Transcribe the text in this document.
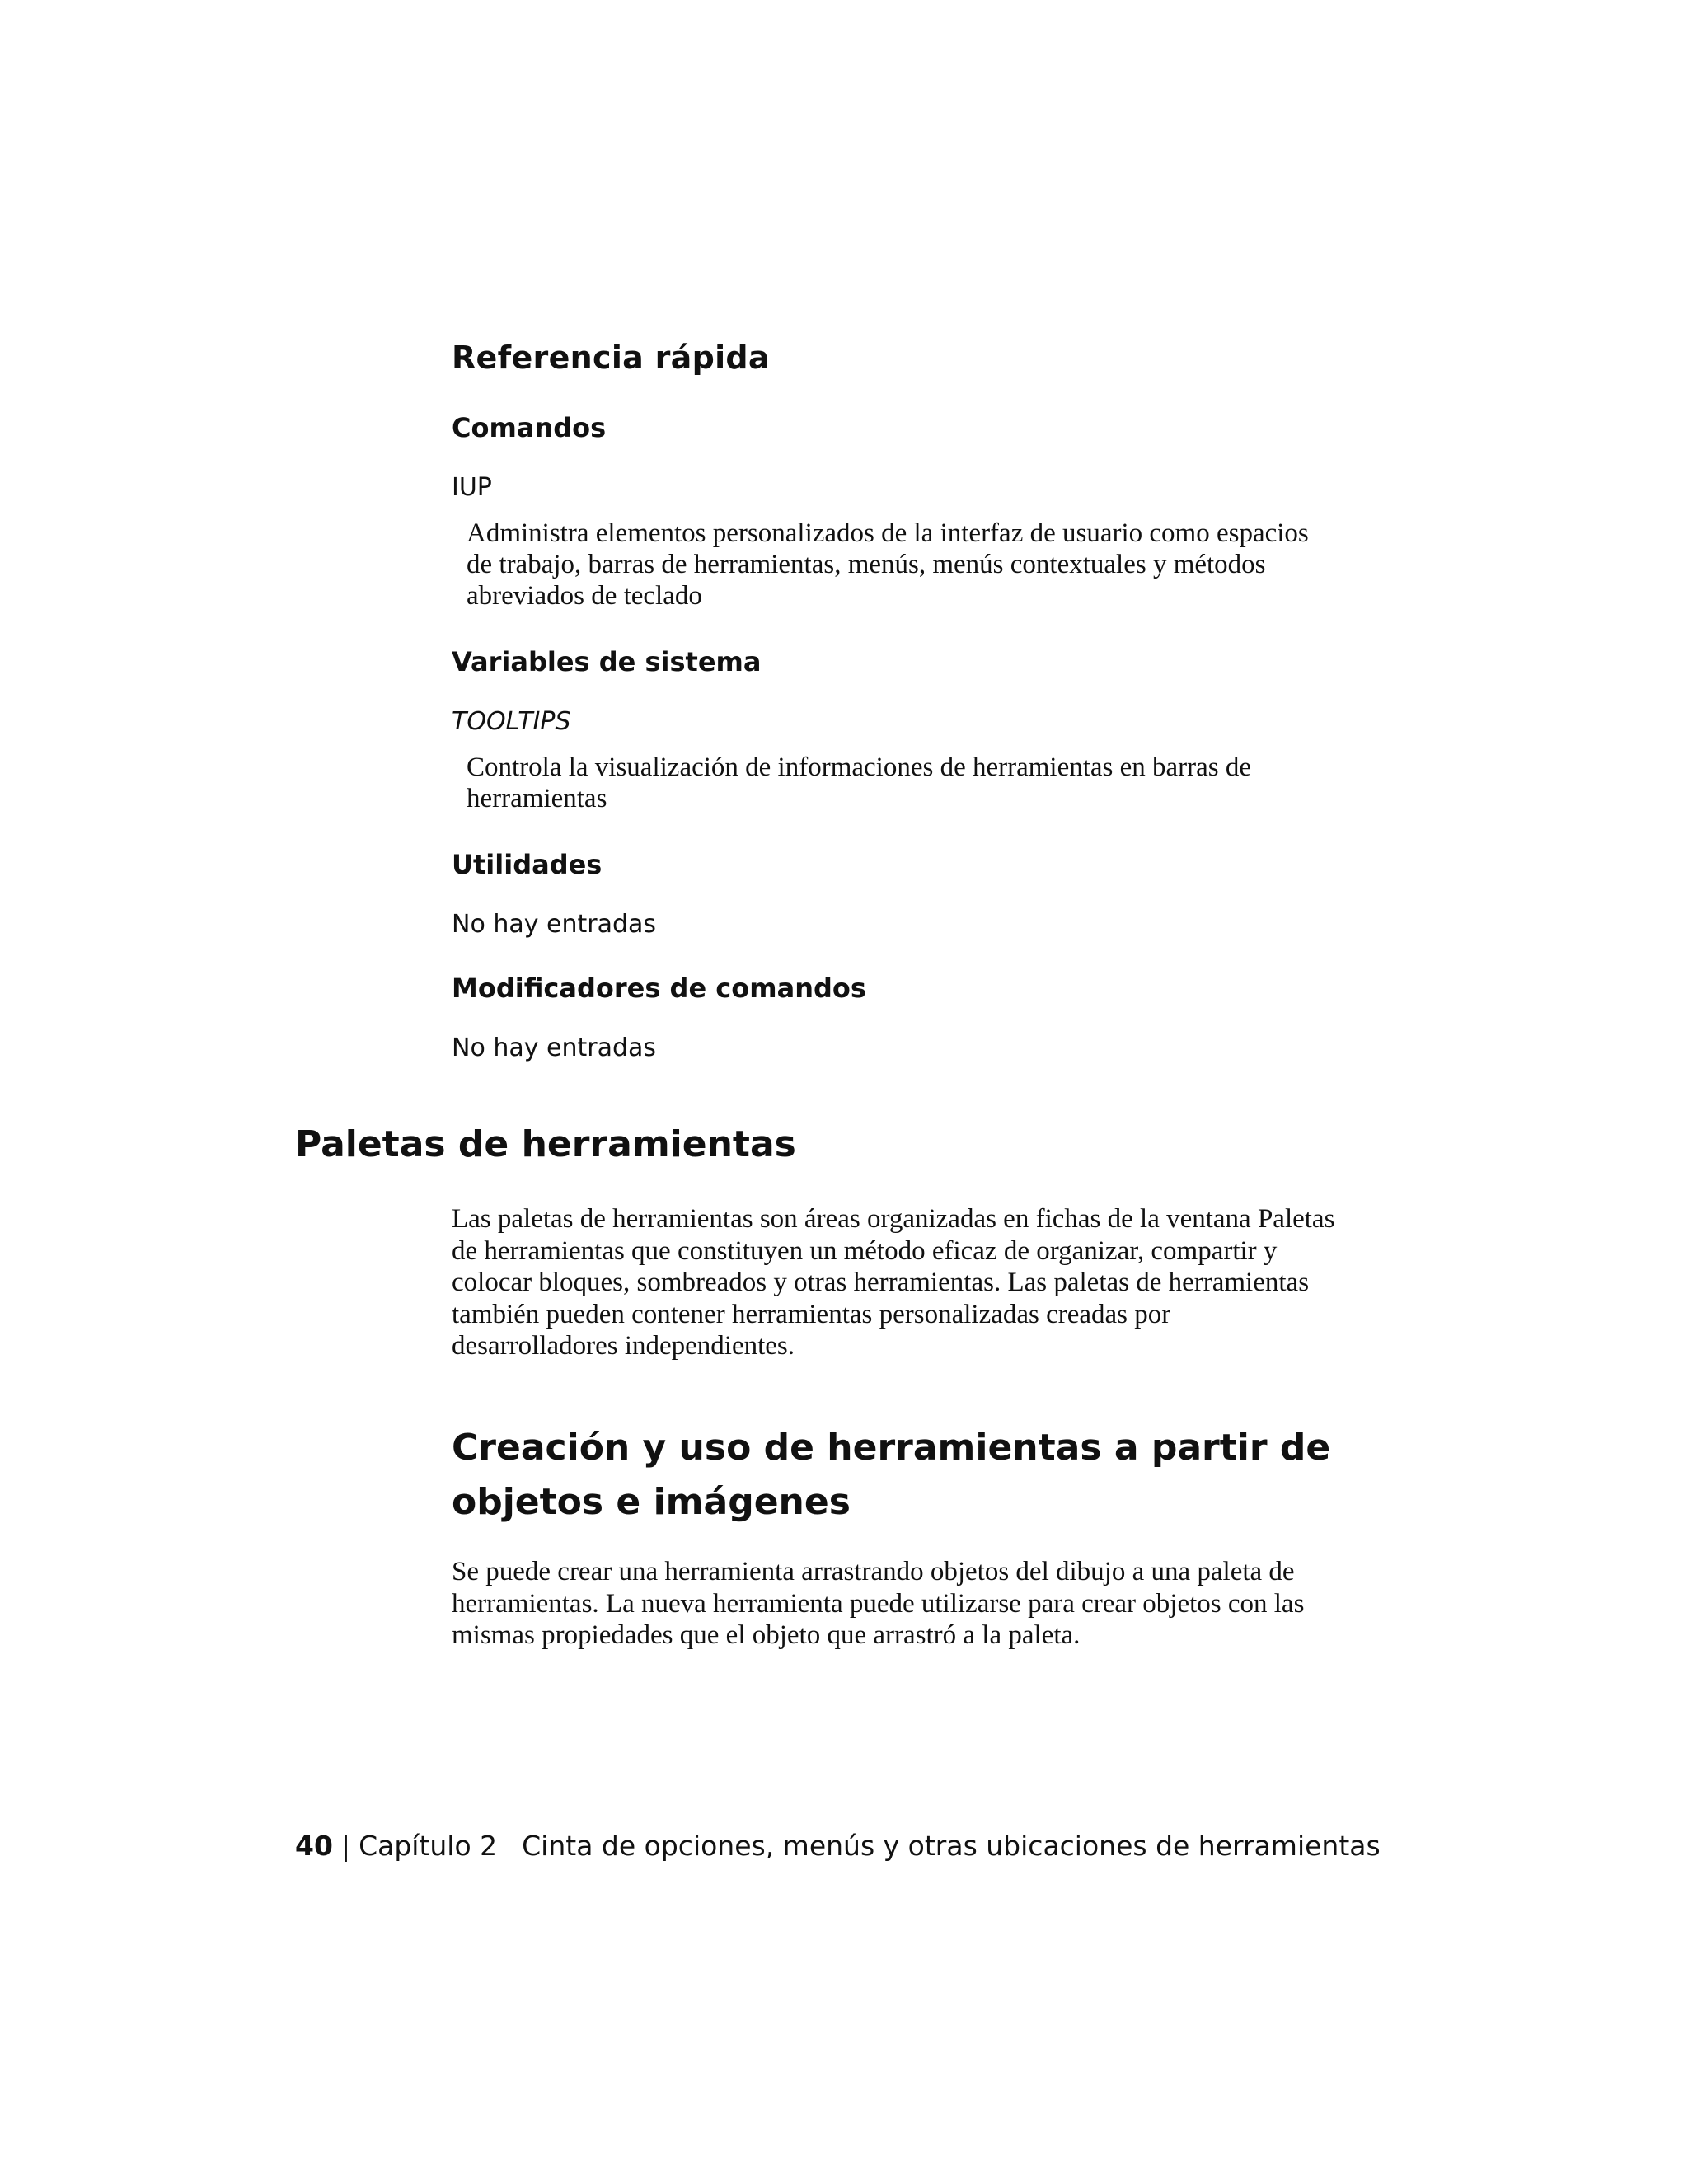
Referencia rápida
Comandos
IUP

Administra elementos personalizados de la interfaz de usuario como espacios de trabajo, barras de herramientas, menús, menús contextuales y métodos abreviados de teclado

Variables de sistema
TOOLTIPS

Controla la visualización de informaciones de herramientas en barras de herramientas

Utilidades
No hay entradas
Modificadores de comandos
No hay entradas
Paletas de herramientas

Las paletas de herramientas son áreas organizadas en fichas de la ventana Paletas de herramientas que constituyen un método eficaz de organizar, compartir y colocar bloques, sombreados y otras herramientas. Las paletas de herramientas también pueden contener herramientas personalizadas creadas por desarrolladores independientes.

Creación y uso de herramientas a partir de objetos e imágenes

Se puede crear una herramienta arrastrando objetos del dibujo a una paleta de herramientas. La nueva herramienta puede utilizarse para crear objetos con las mismas propiedades que el objeto que arrastró a la paleta.

40 | Capítulo 2 Cinta de opciones, menús y otras ubicaciones de herramientas
